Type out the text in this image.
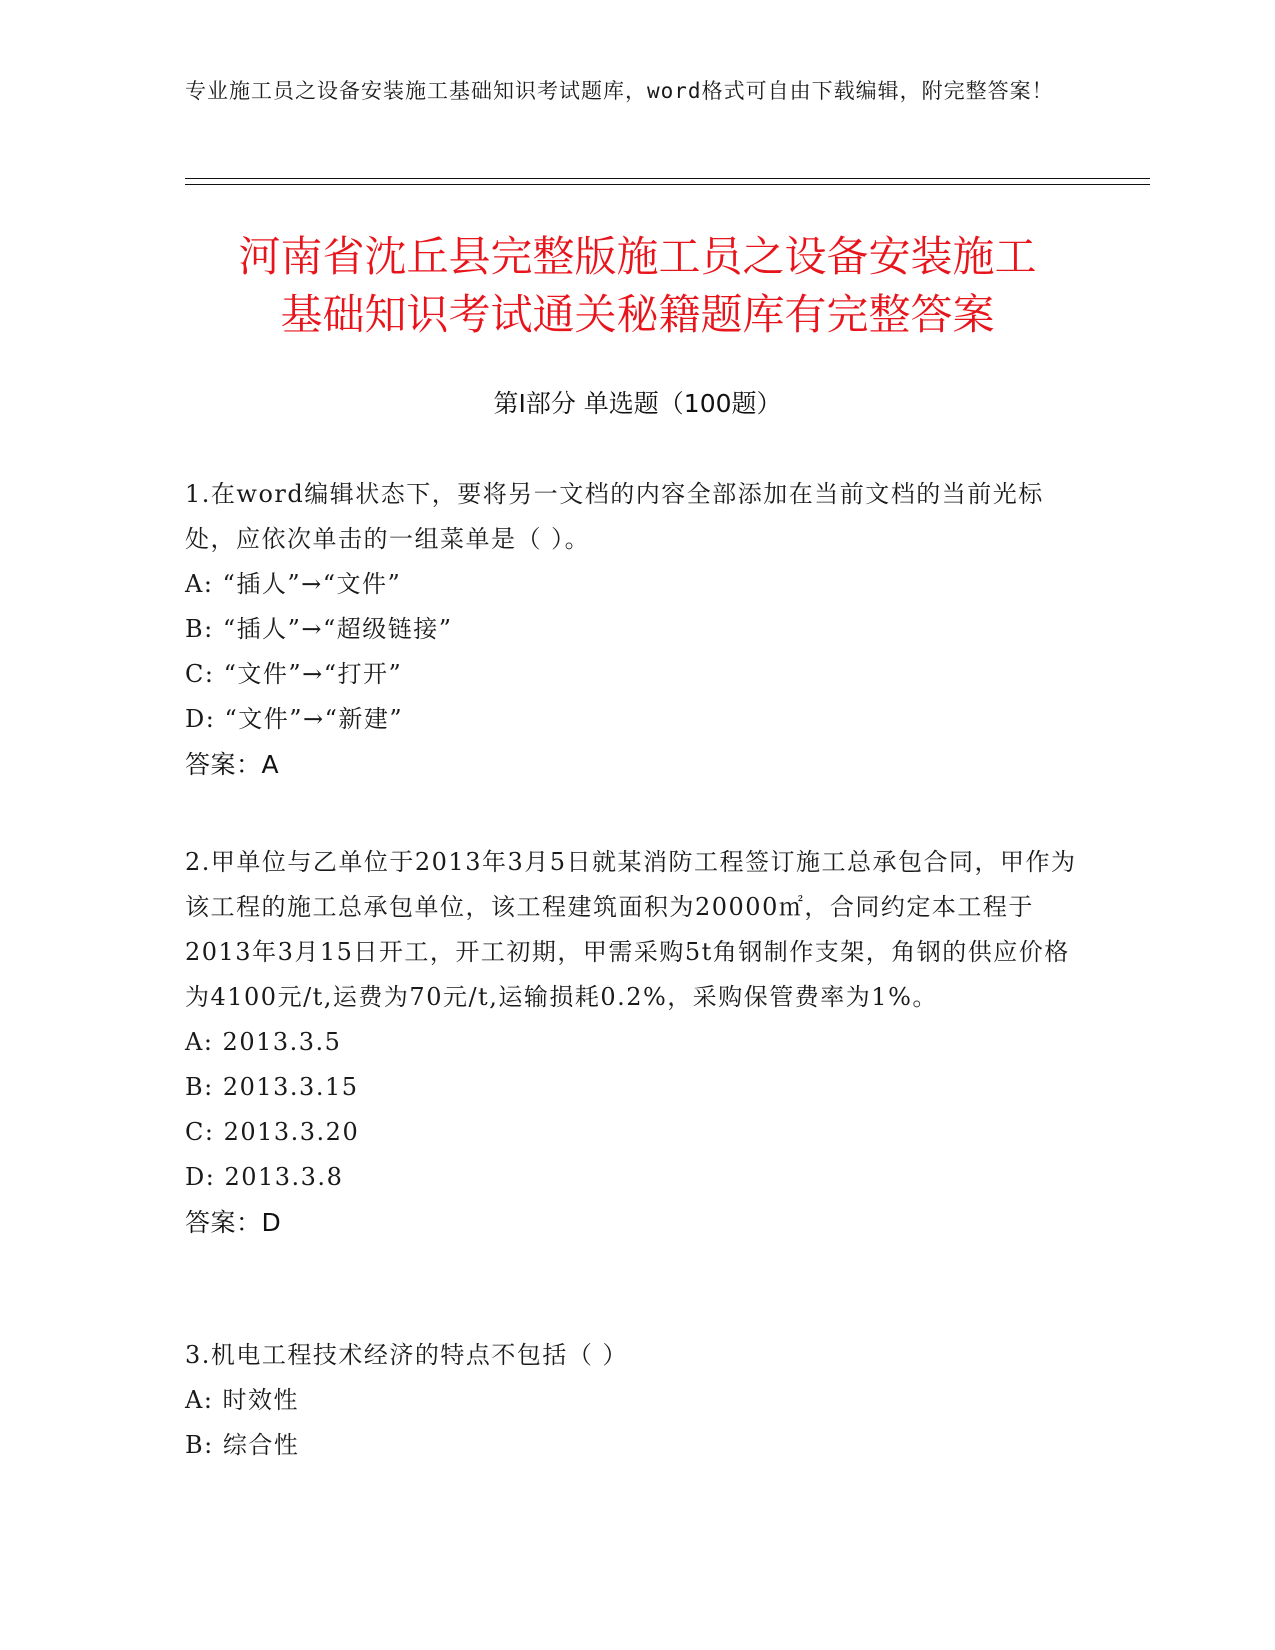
专业施工员之设备安装施工基础知识考试题库，word格式可自由下载编辑，附完整答案！
河南省沈丘县完整版施工员之设备安装施工
基础知识考试通关秘籍题库有完整答案
第Ⅰ部分 单选题（100题）
1.在word编辑状态下，要将另一文档的内容全部添加在当前文档的当前光标处，应依次单击的一组菜单是（ ）。
A: “插人”→“文件”
B: “插人”→“超级链接”
C: “文件”→“打开”
D: “文件”→“新建”
答案：A
2.甲单位与乙单位于2013年3月5日就某消防工程签订施工总承包合同，甲作为该工程的施工总承包单位，该工程建筑面积为20000㎡，合同约定本工程于2013年3月15日开工，开工初期，甲需采购5t角钢制作支架，角钢的供应价格为4100元/t,运费为70元/t,运输损耗0.2%，采购保管费率为1%。
A: 2013.3.5
B: 2013.3.15
C: 2013.3.20
D: 2013.3.8
答案：D
3.机电工程技术经济的特点不包括（ ）
A: 时效性
B: 综合性
